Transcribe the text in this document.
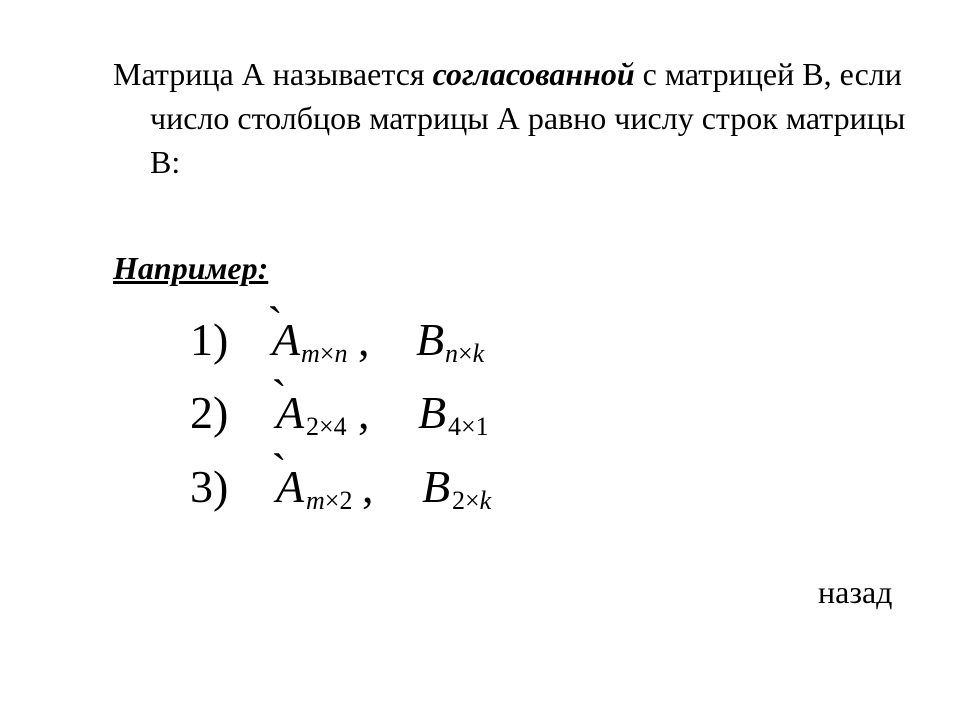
Матрица А называется согласованной с матрицей В, если число столбцов матрицы А равно числу строк матрицы В:
Например:
1) A m×n , B n×k
2) A 2×4 , B 4×1
3) A m×2 , B 2×k
назад
